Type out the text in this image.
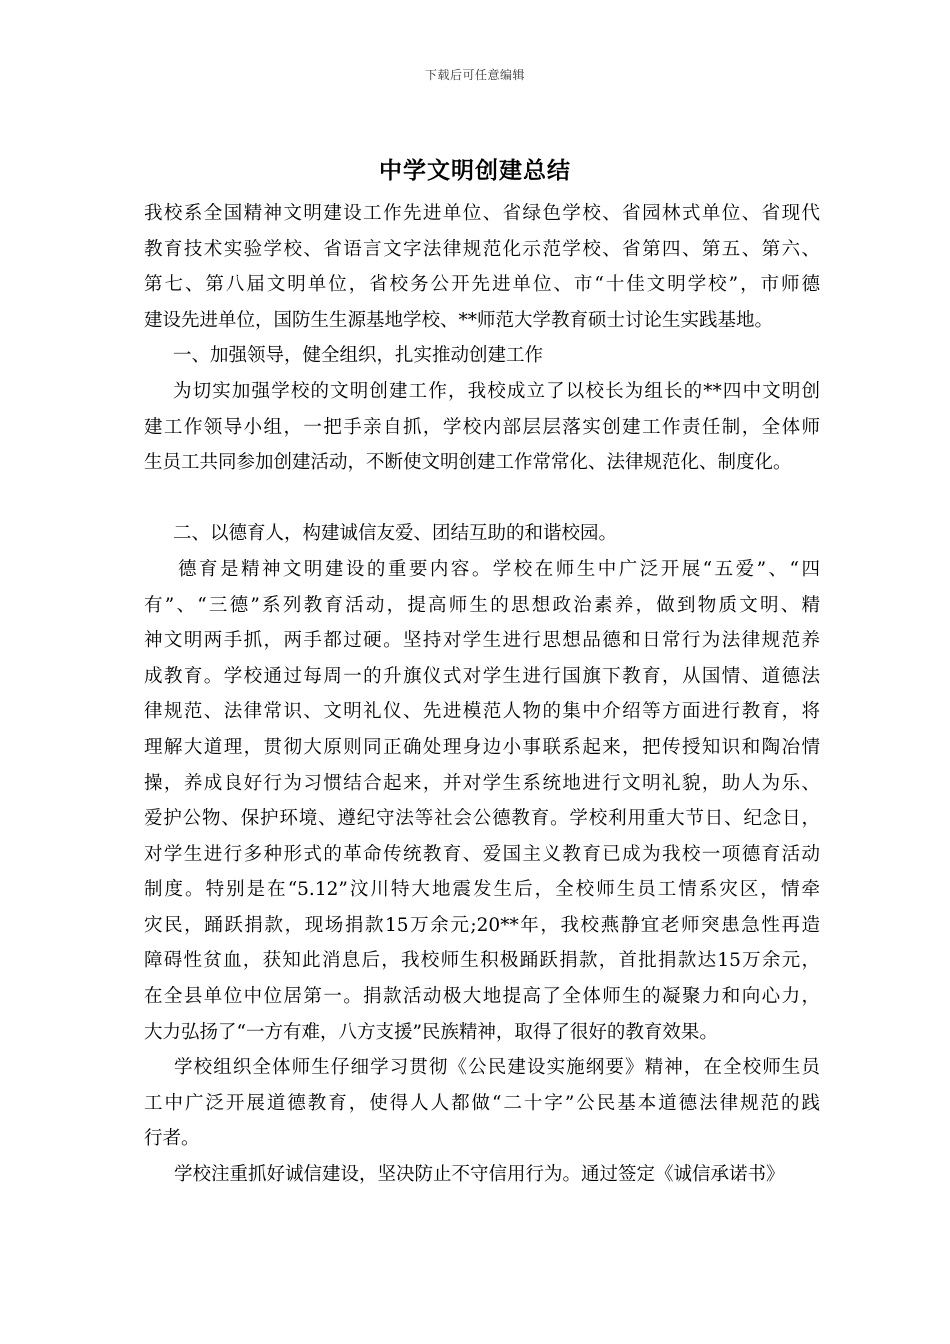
下载后可任意编辑
中学文明创建总结
我校系全国精神文明建设工作先进单位、省绿色学校、省园林式单位、省现代
教育技术实验学校、省语言文字法律规范化示范学校、省第四、第五、第六、
第七、第八届文明单位，省校务公开先进单位、市“十佳文明学校”，市师德
建设先进单位，国防生生源基地学校、**师范大学教育硕士讨论生实践基地。
一、加强领导，健全组织，扎实推动创建工作
为切实加强学校的文明创建工作，我校成立了以校长为组长的**四中文明创
建工作领导小组，一把手亲自抓，学校内部层层落实创建工作责任制，全体师
生员工共同参加创建活动，不断使文明创建工作常常化、法律规范化、制度化。
二、以德育人，构建诚信友爱、团结互助的和谐校园。
德育是精神文明建设的重要内容。学校在师生中广泛开展“五爱”、“四
有”、“三德”系列教育活动，提高师生的思想政治素养，做到物质文明、精
神文明两手抓，两手都过硬。坚持对学生进行思想品德和日常行为法律规范养
成教育。学校通过每周一的升旗仪式对学生进行国旗下教育，从国情、道德法
律规范、法律常识、文明礼仪、先进模范人物的集中介绍等方面进行教育，将
理解大道理，贯彻大原则同正确处理身边小事联系起来，把传授知识和陶冶情
操，养成良好行为习惯结合起来，并对学生系统地进行文明礼貌，助人为乐、
爱护公物、保护环境、遵纪守法等社会公德教育。学校利用重大节日、纪念日，
对学生进行多种形式的革命传统教育、爱国主义教育已成为我校一项德育活动
制度。特别是在“5.12”汶川特大地震发生后，全校师生员工情系灾区，情牵
灾民，踊跃捐款，现场捐款15万余元;20**年，我校燕静宜老师突患急性再造
障碍性贫血，获知此消息后，我校师生积极踊跃捐款，首批捐款达15万余元，
在全县单位中位居第一。捐款活动极大地提高了全体师生的凝聚力和向心力，
大力弘扬了“一方有难，八方支援”民族精神，取得了很好的教育效果。
学校组织全体师生仔细学习贯彻《公民建设实施纲要》精神，在全校师生员
工中广泛开展道德教育，使得人人都做“二十字”公民基本道德法律规范的践
行者。
学校注重抓好诚信建设，坚决防止不守信用行为。通过签定《诚信承诺书》
